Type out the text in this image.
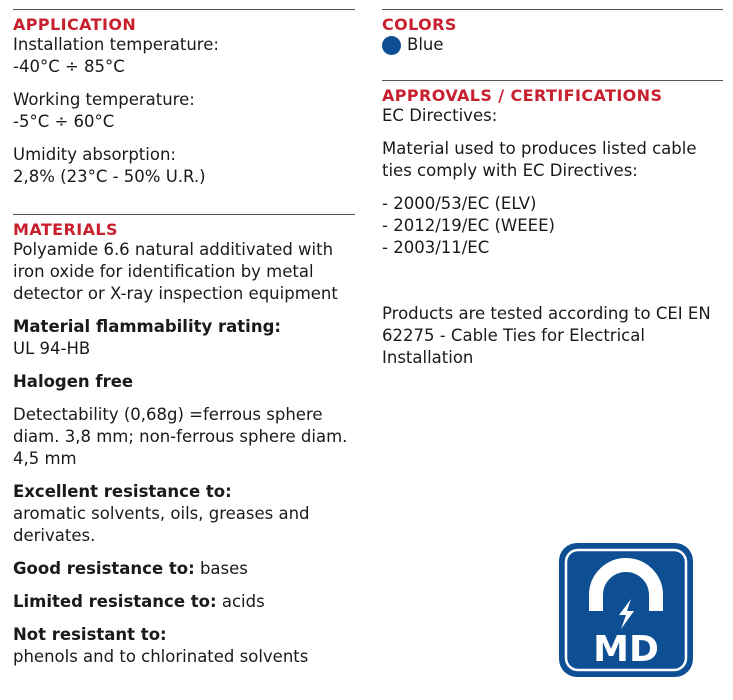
APPLICATION

Installation temperature:

-40°C ÷ 85°C

Working temperature:

-5°C ÷ 60°C

Umidity absorption:

2,8% (23°C - 50% U.R.)

MATERIALS

Polyamide 6.6 natural additivated with iron oxide for identification by metal detector or X-ray inspection equipment

Material flammability rating:

UL 94-HB

Halogen free

Detectability (0,68g) =ferrous sphere diam. 3,8 mm; non-ferrous sphere diam. 4,5 mm

Excellent resistance to:

aromatic solvents, oils, greases and derivates.

Good resistance to: bases

Limited resistance to: acids

Not resistant to:

phenols and to chlorinated solvents

COLORS

Blue

APPROVALS / CERTIFICATIONS

EC Directives:

Material used to produces listed cable ties comply with EC Directives:

- 2000/53/EC (ELV)

- 2012/19/EC (WEEE)

- 2003/11/EC

Products are tested according to CEI EN 62275 - Cable Ties for Electrical Installation

MD
